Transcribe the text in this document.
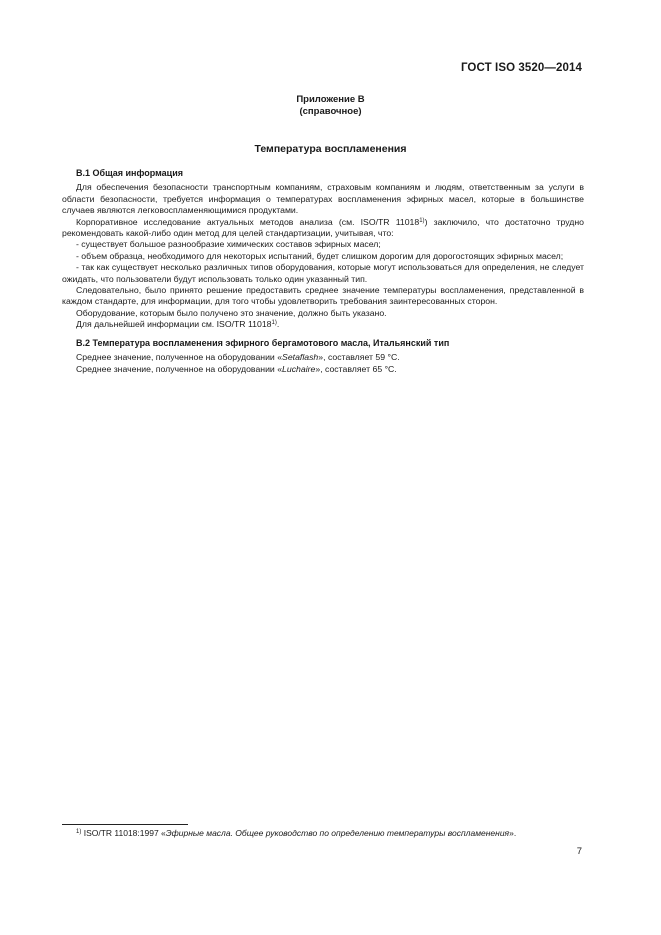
ГОСТ ISO 3520—2014
Приложение В
(справочное)
Температура воспламенения

В.1 Общая информация

Для обеспечения безопасности транспортным компаниям, страховым компаниям и людям, ответственным за услуги в области безопасности, требуется информация о температурах воспламенения эфирных масел, которые в большинстве случаев являются легковоспламеняющимися продуктами.

Корпоративное исследование актуальных методов анализа (см. ISO/TR 11018$^{1)}$) заключило, что достаточно трудно рекомендовать какой-либо один метод для целей стандартизации, учитывая, что:

- существует большое разнообразие химических составов эфирных масел;

- объем образца, необходимого для некоторых испытаний, будет слишком дорогим для дорогостоящих эфирных масел;

- так как существует несколько различных типов оборудования, которые могут использоваться для определения, не следует ожидать, что пользователи будут использовать только один указанный тип.

Следовательно, было принято решение предоставить среднее значение температуры воспламенения, представленной в каждом стандарте, для информации, для того чтобы удовлетворить требования заинтересованных сторон.

Оборудование, которым было получено это значение, должно быть указано.

Для дальнейшей информации см. ISO/TR 11018$^{1)}$.

В.2 Температура воспламенения эфирного бергамотового масла, Итальянский тип

Среднее значение, полученное на оборудовании «Setaflash», составляет 59 °С.

Среднее значение, полученное на оборудовании «Luchaire», составляет 65 °С.

$^{1)}$ ISO/TR 11018:1997 «Эфирные масла. Общее руководство по определению температуры воспламенения».
7
